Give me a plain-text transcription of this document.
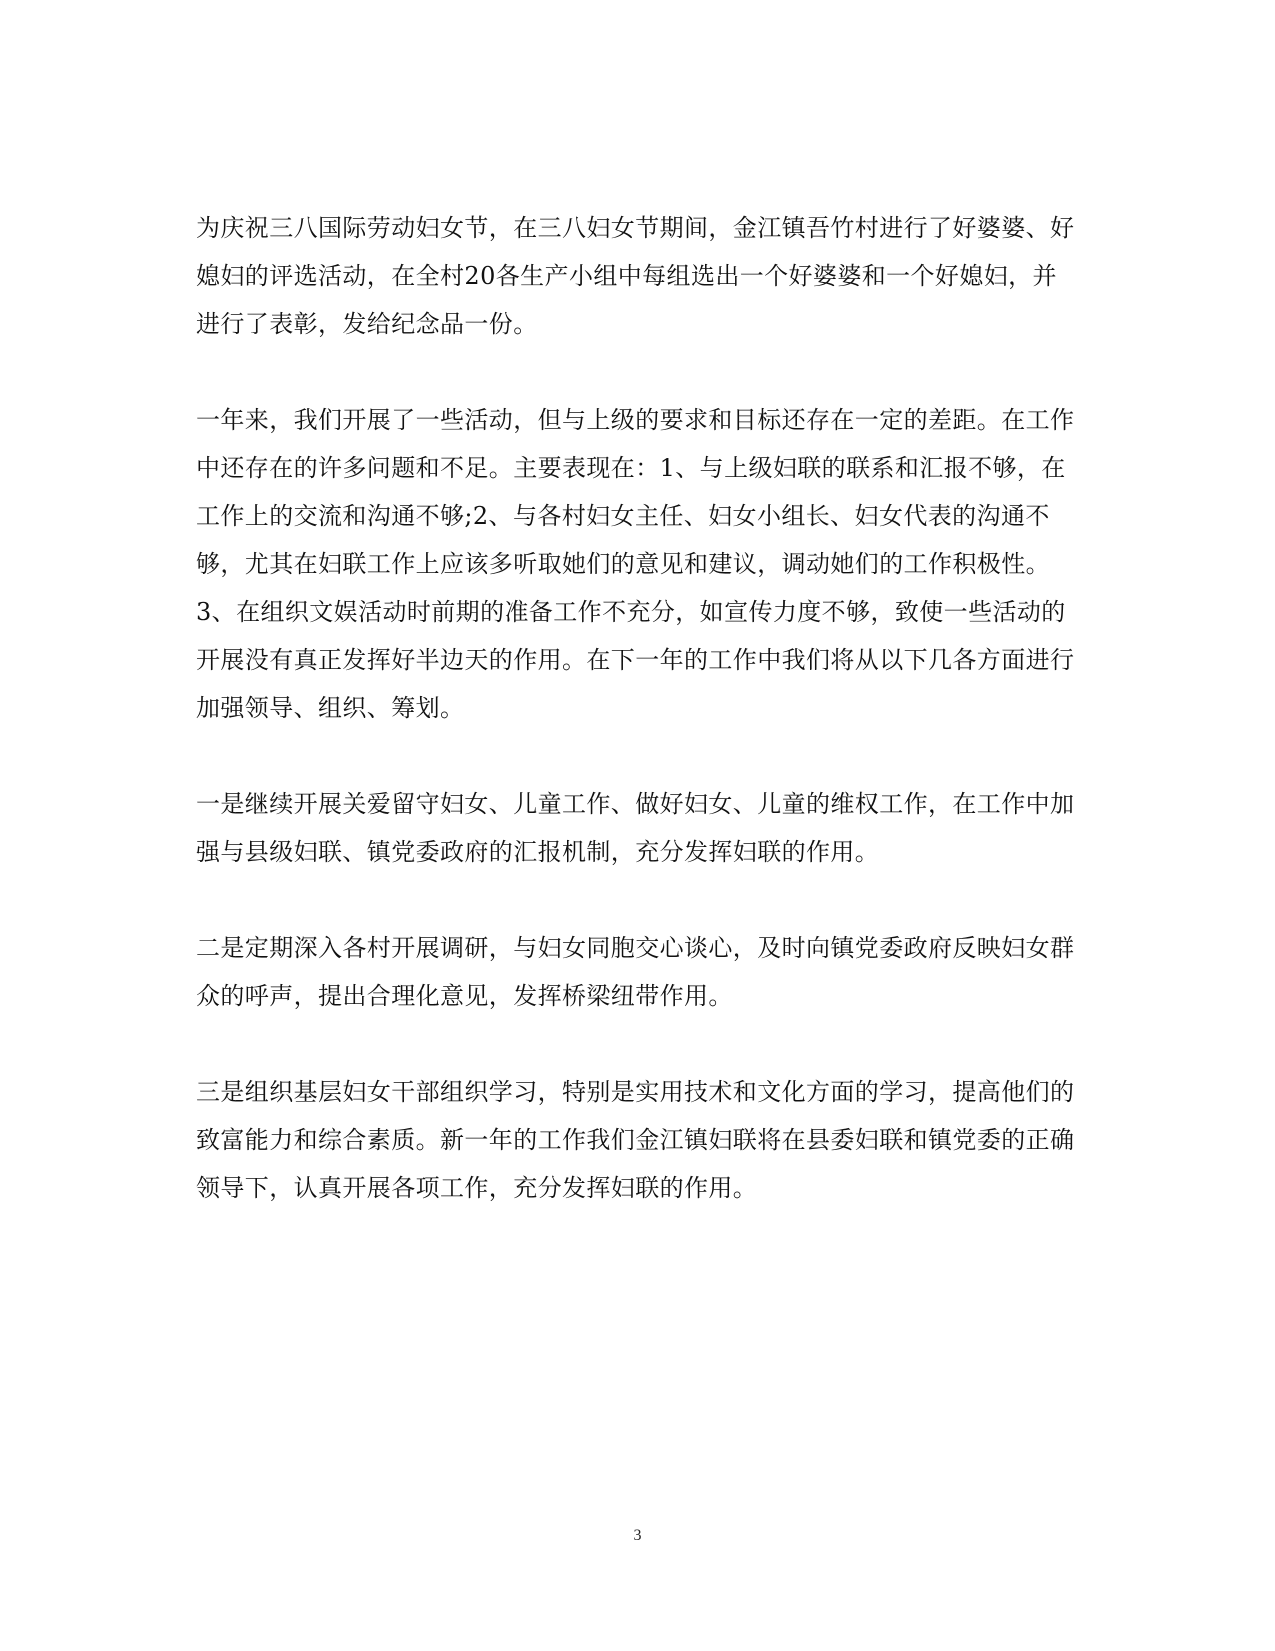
为庆祝三八国际劳动妇女节，在三八妇女节期间，金江镇吾竹村进行了好婆婆、好媳妇的评选活动，在全村20各生产小组中每组选出一个好婆婆和一个好媳妇，并进行了表彰，发给纪念品一份。

一年来，我们开展了一些活动，但与上级的要求和目标还存在一定的差距。在工作中还存在的许多问题和不足。主要表现在：1、与上级妇联的联系和汇报不够，在工作上的交流和沟通不够;2、与各村妇女主任、妇女小组长、妇女代表的沟通不够，尤其在妇联工作上应该多听取她们的意见和建议，调动她们的工作积极性。

3、在组织文娱活动时前期的准备工作不充分，如宣传力度不够，致使一些活动的开展没有真正发挥好半边天的作用。在下一年的工作中我们将从以下几各方面进行加强领导、组织、筹划。

一是继续开展关爱留守妇女、儿童工作、做好妇女、儿童的维权工作，在工作中加强与县级妇联、镇党委政府的汇报机制，充分发挥妇联的作用。

二是定期深入各村开展调研，与妇女同胞交心谈心，及时向镇党委政府反映妇女群众的呼声，提出合理化意见，发挥桥梁纽带作用。

三是组织基层妇女干部组织学习，特别是实用技术和文化方面的学习，提高他们的致富能力和综合素质。新一年的工作我们金江镇妇联将在县委妇联和镇党委的正确领导下，认真开展各项工作，充分发挥妇联的作用。

3
